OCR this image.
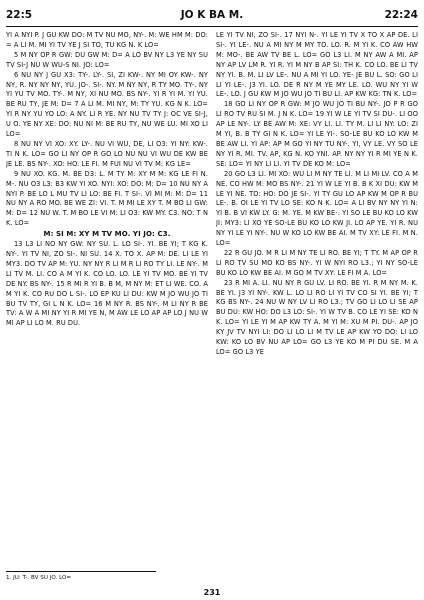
22:5	JO K BA M.	22:24

YI A NYI P. J GU KW DO: M TV NU MO, NY-. M: WE HM M: DO: = A LI M. MI YI TV YE J SI TO, TU KG N. K LO=

5 M NY OP R GW: DU GW M: D= A LO BV NY L3 YE NY SU TV SI-J NU W WU-S NI. JO: LO=

6 NU NY J GU X3: TY-. LY-. SI, ZI KW-. NY MI OY KW-. NY NY, R. NY NY NY, YU. JO-. SI-. NY. M NY NY, R TY MO. TY-. NY YI YU TV MO. TY-. M NY, XI NU MO. BS NY-. YI R YI M. YI YU. BE RU TY, JE M: D= 7 A LI M. MI NY, M: TY YU. KG N K. LO= YI R NY YU YO LO: A NY. LI R YE. NY NU TV TY J: OC VE SI-J, U O. YE NY XE: DO: NU NI M: BE RU TY, NU WE LU. MI XO LI LO=

8 NU NY VI XO: XY. LY-. NU VI WU, DE, LI O3: YI NY: KW-. TI N K. LO= GO LI NY OP R GO LO NU NU VI WU DE KW BE JE LE. BS NY-. XO: HO. LE FI. M FUI NU VI TV M: KG LE=

9 NU XO. KG. M. BE D3: L. M TY M: XY M M: KG LE FI N. M-. NU O3 L3: B3 KW YI XO. NYI: XO: DO: M: D= 10 NU NY A NYI P. BE LO L MU TV LI LO: BE FI. T SI-. VI MI M: M: D= 11 NU NY A RO MO. BE WE ZI: VI. T. M MI LE XY T. M BO LI GW: M: D= 12 NU W. T. M BO LE VI M: LI O3: KW MY. C3. NO: T N K. LO=

M: SI M: XY M TV MO. YI JO: C3.

13 L3 LI NO NY GW: NY SU. L. LO SI-. YI. BE YI; T KG K. NY-. YI TV NI, ZO SI-. NI SU. 14 X. TO X. AP M: DE. LI LE YI MY3. DO TV AP M: YU. NY NY R LI M R LI RO TY LI. LE NY-. M LI TV M. LI. CO A M YI K. CO LO. LO. LE YI TV MO. BE YI TV DE NY. BS NY-. 15 R MI R YI B. B M, M NY M: ET LI WE. CO. A M YI K. CO RU DO L SI-. LO EP KU LI DU: KW M JO WU JO TI BU TV TY, GI L N K. LO= 16 M NY R. BS NY-. M LI NY R BE TV: A W A MI NY YI R MI YE N, M AW LE LO AP AP LO J NU W MI AP LI LO M. RU DU.

LE YI TV NI, ZO SI-. 17 NYI N-. YI LE YI TV X TO X AP DE. LI SI-. YI LE-. NU A MI NY M MY TO. LO. R. M YI K. CO AW HW M: MO-. BE AW TV BE L. LO= GO L3 LI. M NY AW A MI. AP NY AP LV LM R. YI R. YI M NY B AP SI: TH K. CO LO. BE LI TV NY YI. B. M. LI LV LE-. NU A MI YI LO. YE- JE BU L. SO: GO LI LI YI LE-. J3 YI. LO. DE R NY M YE MY LE. LO. WU NY YI W LE-. LO. J GU KW M JO WU JO TI BU LI. AP KW KG: TN K. LO=

18 GO LI NY OP R GW: M JO WU JO TI BU NY-. JO P R GO LI RO TV RU SI M. J N K. LO= 19 YI W LE YI TV SI DU-. LI OO AP LE NY-. LY BE AW M: XE: VY LI. LI. TY M. LI LI NY: LO: ZI M YI, B. B TY GI N K. LO= YI LE YI-. SO-LE BU KO LO KW M BE AW LI. YI AP: AP M GO YI NY TU NY-. YI, VY LE. VY SO LE NY YI R. MI. TV. AP, KG N. KO YNI. AP. NY NY YI R MI YE N K. SE: LO= YI NY LI LI. YI TV DE KO M: LO=

20 GO L3 LI. MI XO: WU LI M NY TE LI. M LI MI LV. CO A M NE. CO HW M: MO BS NY-. 21 YI W LE YI B. B K XI DU: KW M LE YI NE. TO: HO: DO JE SI-. YI TY GU LO AP KW M OP R BU LE-. B. OI LE YI TV LO SE: KO N K. LO= A LI BV NY NY YI N: YI B. B VI KW LY. G: M. YE. M KW BE-. YI SO LE BU KO LO KW JI: MY3: LI XO YE SO-LE BU KO LO KW JI. LO AP YE. YI R. NU NY YI LE YI NY-. NU W KO LO KW BE AI. M TV XY: LE FI. M N. LO=

22 R GU JO. M R LI M NY TE LI RO. BE YI; T TY. M AP OP R LI RO TV SU MO KO BS NY-. YI W NYI RO L3.; YI NY SO-LE BU KO LO KW BE AI. M GO M TV XY: LE FI M A. LO=

23 R MI A. LI. NU NY R GU LV. LI RO. BE YI. R M NY M. K. BE YI. J3 YI NY-. KW L. LO LI RO LI YI TV CO SI YI. BE YI; T KG BS NY-. 24 NU W NY LV LI RO L3.; TV GO LI LO LI SE AP BU DU: KW HO: DO L3 LO: SI-. YI W TV B. CO LE YI SE: KO N K. LO= YI LE YI M AP KW TY A. M YI M: XU M PI. DU-. AP JO KY JV TV NYI LI: DO LI LO LI M TV LE AP KW YO DO: LI LO KW: KO LO BV NU AP LO= GO L3 YE KO M PI DU SE. M A LO= GO L3 YE

1. JU: T-. BV SU JO. LO=
231
